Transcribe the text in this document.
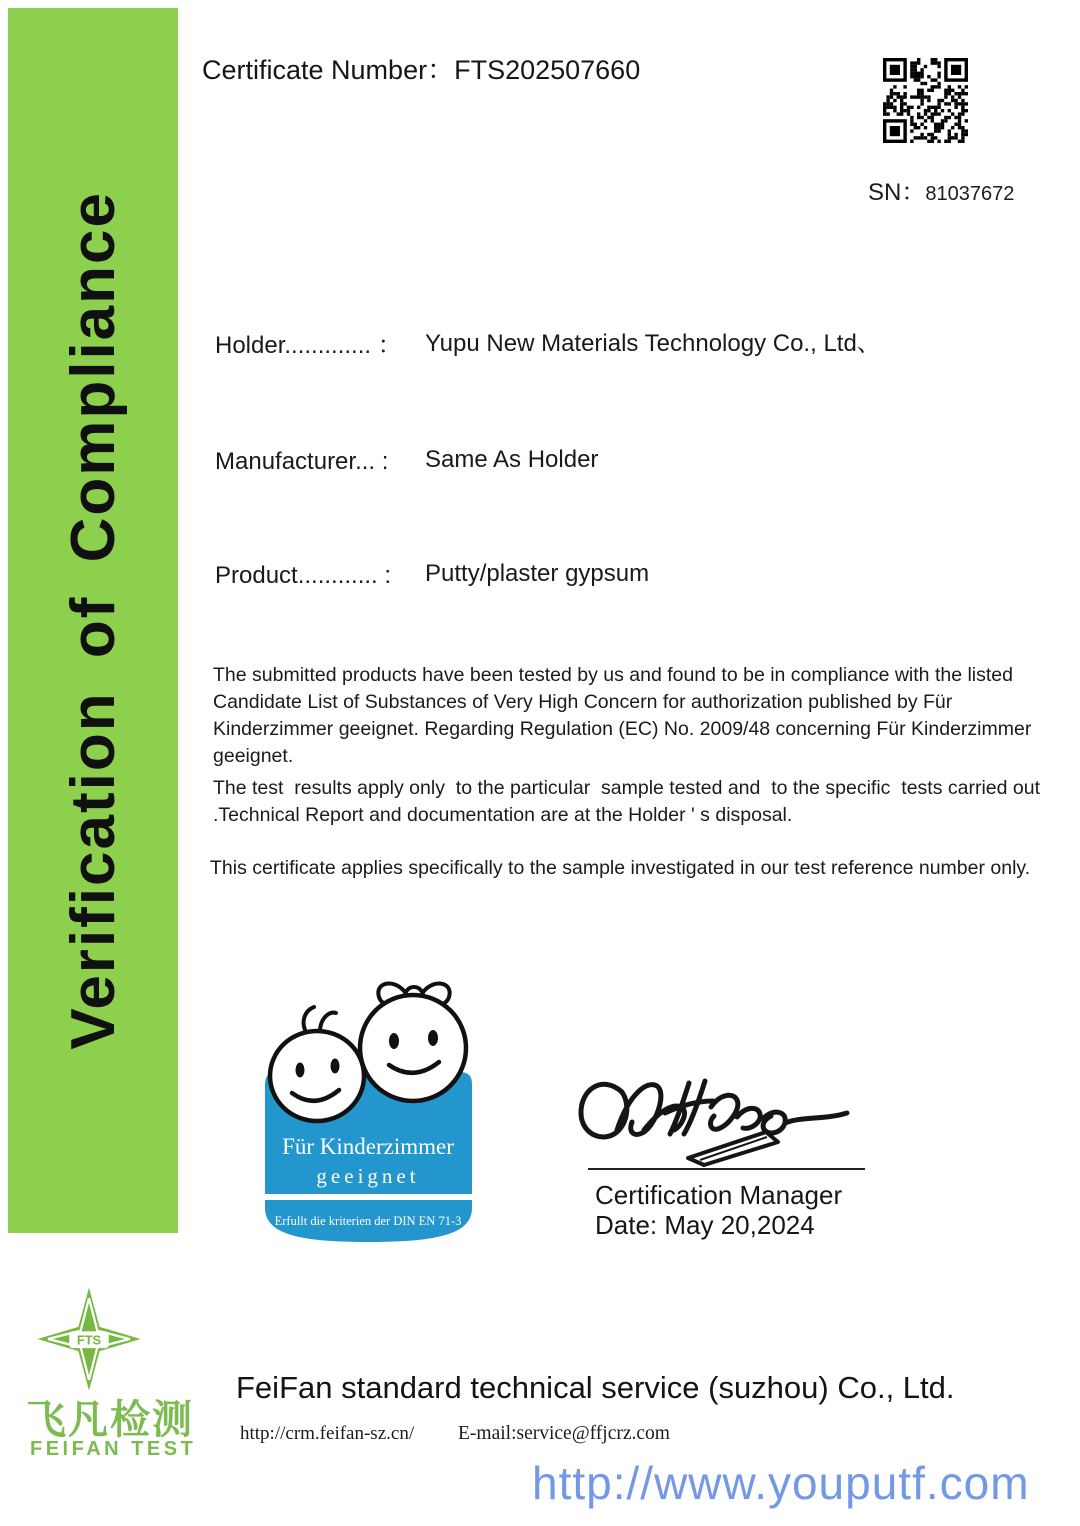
Verification of Compliance
Certificate Number：FTS202507660
SN：81037672
Holder............. ： Yupu New Materials Technology Co., Ltd、
Manufacturer... : Same As Holder
Product............ : Putty/plaster gypsum
The submitted products have been tested by us and found to be in compliance with the listed Candidate List of Substances of Very High Concern for authorization published by Für Kinderzimmer geeignet. Regarding Regulation (EC) No. 2009/48 concerning Für Kinderzimmer geeignet.
The test  results apply only  to the particular  sample tested and  to the specific  tests carried out .Technical Report and documentation are at the Holder ' s disposal.
This certificate applies specifically to the sample investigated in our test reference number only.
Für Kinderzimmer
geeignet
Erfullt die kriterien der DIN EN 71-3
Certification Manager
Date: May 20,2024
FTS
飞凡检测
FEIFAN TEST
FeiFan standard technical service (suzhou) Co., Ltd.
http://crm.feifan-sz.cn/ E-mail:service@ffjcrz.com
http://www.youputf.com
